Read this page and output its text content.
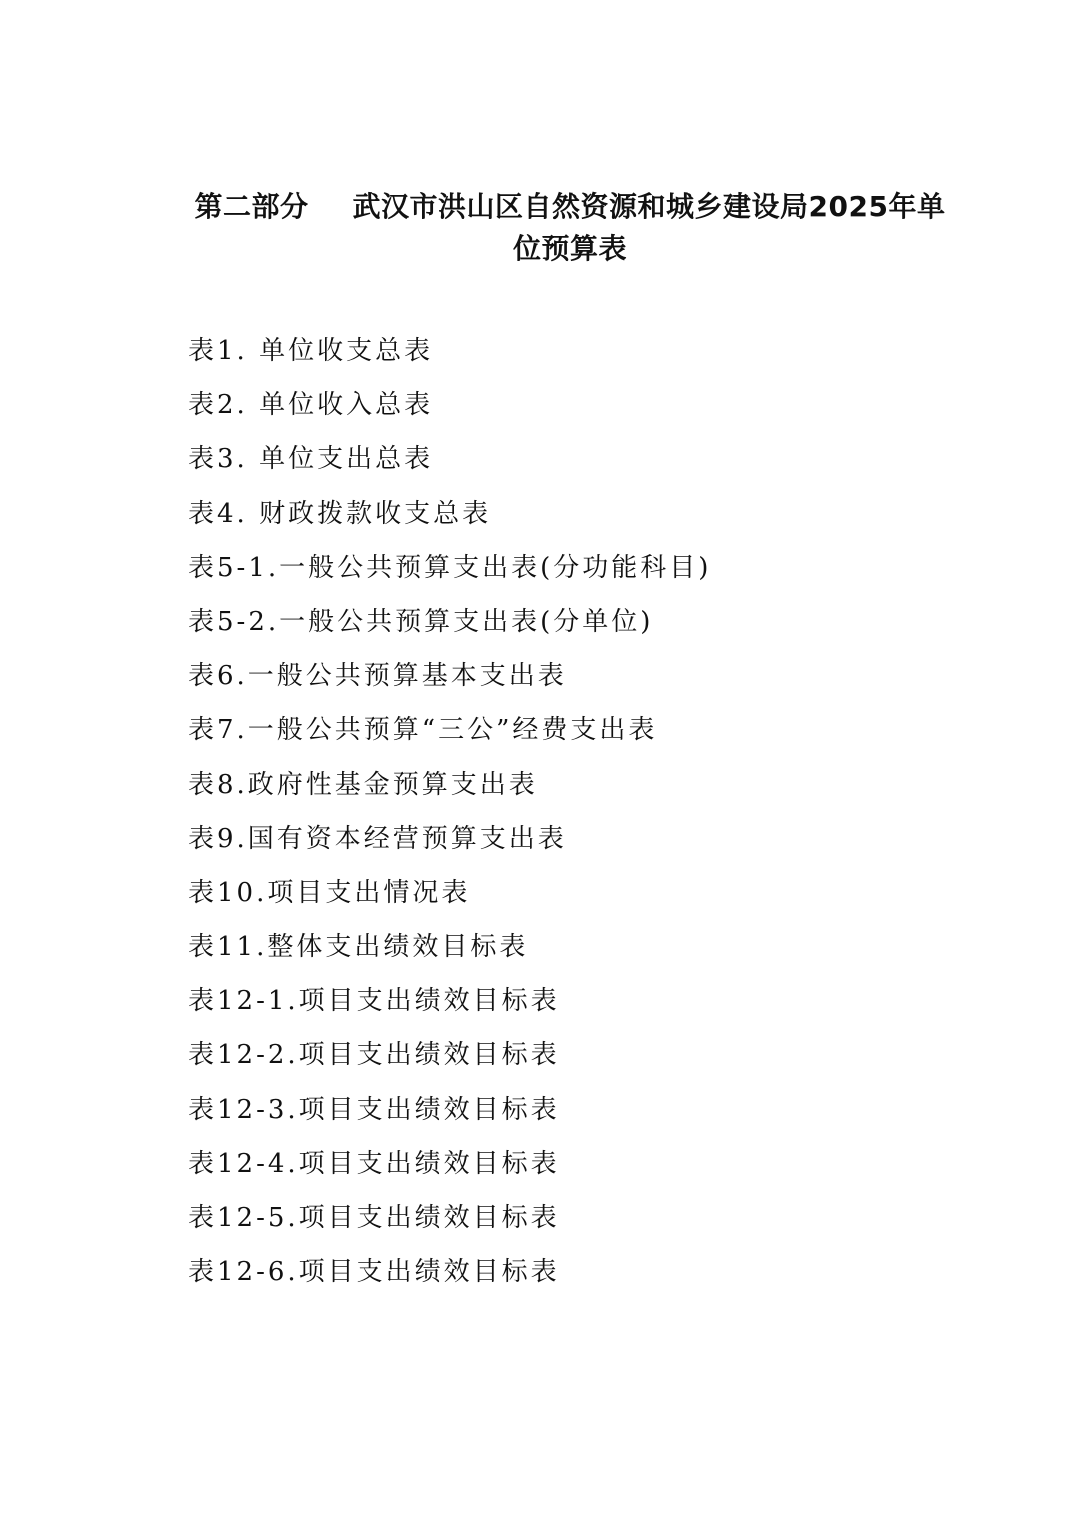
第二部分 武汉市洪山区自然资源和城乡建设局2025年单位预算表
表1. 单位收支总表
表2. 单位收入总表
表3. 单位支出总表
表4. 财政拨款收支总表
表5-1.一般公共预算支出表(分功能科目)
表5-2.一般公共预算支出表(分单位)
表6.一般公共预算基本支出表
表7.一般公共预算“三公”经费支出表
表8.政府性基金预算支出表
表9.国有资本经营预算支出表
表10.项目支出情况表
表11.整体支出绩效目标表
表12-1.项目支出绩效目标表
表12-2.项目支出绩效目标表
表12-3.项目支出绩效目标表
表12-4.项目支出绩效目标表
表12-5.项目支出绩效目标表
表12-6.项目支出绩效目标表
